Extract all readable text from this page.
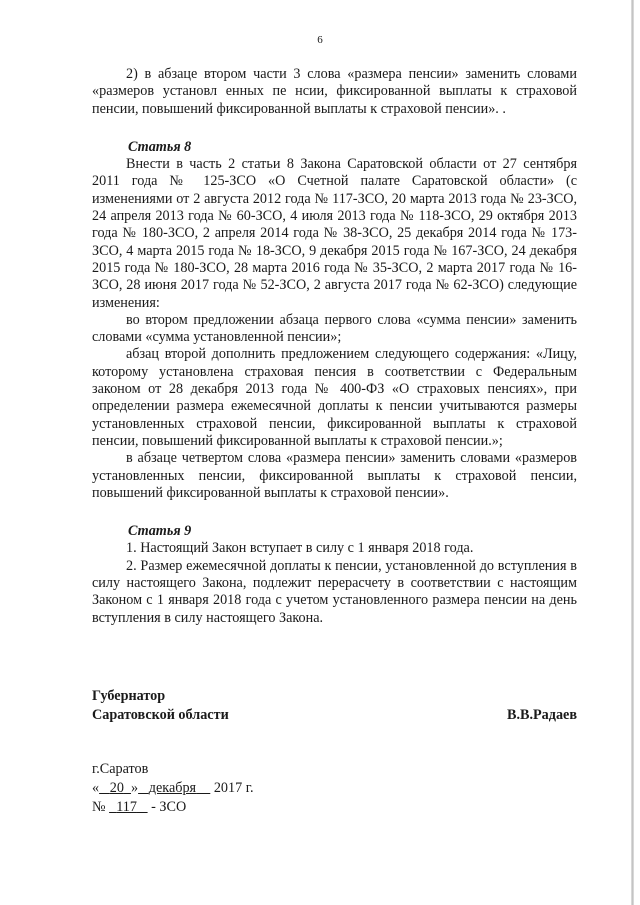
6

2) в абзаце втором части 3 слова «размера пенсии» заменить словами «размеров установл енных пе нсии, фиксированной выплаты к страховой пенсии, повышений фиксированной выплаты к страховой пенсии». .

Статья 8

Внести в часть 2 статьи 8 Закона Саратовской области от 27 сентября 2011 года № 125-ЗСО «О Счетной палате Саратовской области» (с изменениями от 2 августа 2012 года № 117-ЗСО, 20 марта 2013 года № 23-ЗСО, 24 апреля 2013 года № 60-ЗСО, 4 июля 2013 года № 118-ЗСО, 29 октября 2013 года № 180-ЗСО, 2 апреля 2014 года № 38-ЗСО, 25 декабря 2014 года № 173-ЗСО, 4 марта 2015 года № 18-ЗСО, 9 декабря 2015 года № 167-ЗСО, 24 декабря 2015 года № 180-ЗСО, 28 марта 2016 года № 35-ЗСО, 2 марта 2017 года № 16-ЗСО, 28 июня 2017 года № 52-ЗСО, 2 августа 2017 года № 62-ЗСО) следующие изменения:

во втором предложении абзаца первого слова «сумма пенсии» заменить словами «сумма установленной пенсии»;

абзац второй дополнить предложением следующего содержания: «Лицу, которому установлена страховая пенсия в соответствии с Федеральным законом от 28 декабря 2013 года № 400-ФЗ «О страховых пенсиях», при определении размера ежемесячной доплаты к пенсии учитываются размеры установленных страховой пенсии, фиксированной выплаты к страховой пенсии, повышений фиксированной выплаты к страховой пенсии.»;

в абзаце четвертом слова «размера пенсии» заменить словами «размеров установленных пенсии, фиксированной выплаты к страховой пенсии, повышений фиксированной выплаты к страховой пенсии».

Статья 9

1. Настоящий Закон вступает в силу с 1 января 2018 года.

2. Размер ежемесячной доплаты к пенсии, установленной до вступления в силу настоящего Закона, подлежит перерасчету в соответствии с настоящим Законом с 1 января 2018 года с учетом установленного размера пенсии на день вступления в силу настоящего Закона.

Губернатор
Саратовской области	В.В.Радаев
г.Саратов
« 20 » декабря 2017 г.
№ 117 - ЗСО
